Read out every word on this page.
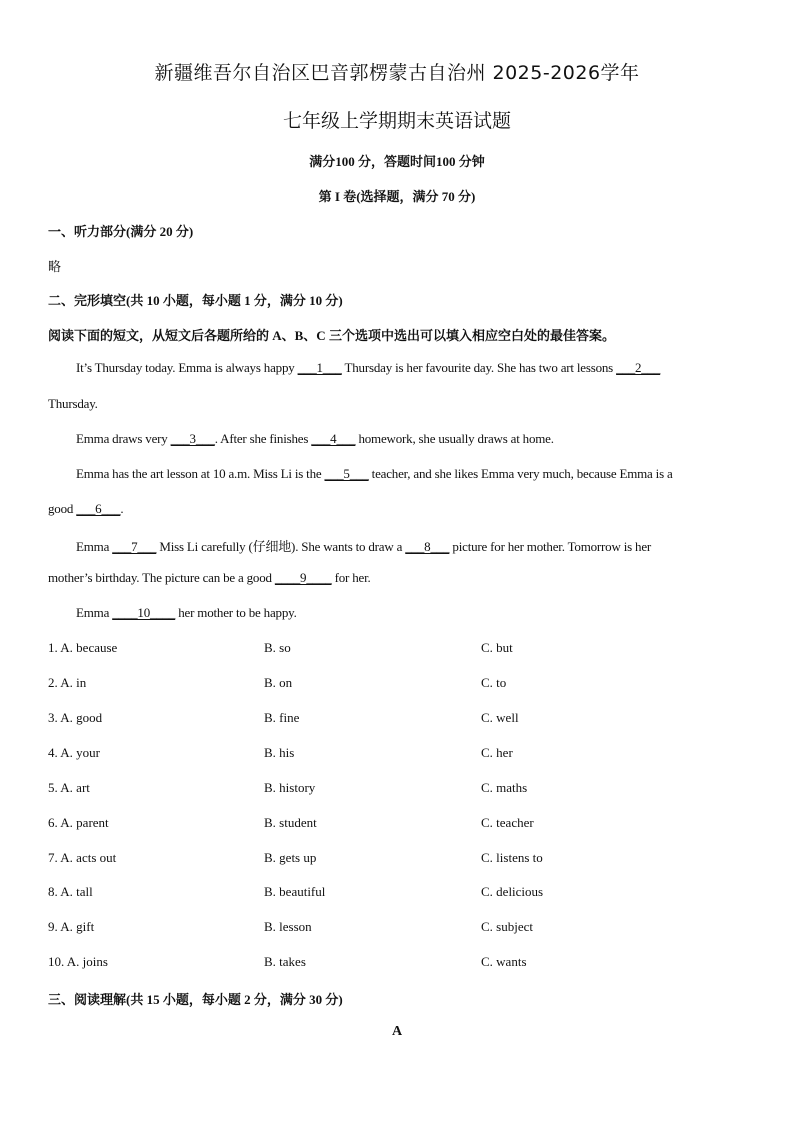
新疆维吾尔自治区巴音郭楞蒙古自治州 2025-2026学年
七年级上学期期末英语试题
满分100 分，答题时间100 分钟
第 I 卷(选择题，满分 70 分)
一、听力部分(满分 20 分)
略
二、完形填空(共 10 小题，每小题 1 分，满分 10 分)
阅读下面的短文，从短文后各题所给的 A、B、C 三个选项中选出可以填入相应空白处的最佳答案。
It’s Thursday today. Emma is always happy ___1___ Thursday is her favourite day. She has two art lessons ___2___
Thursday.
Emma draws very ___3___. After she finishes ___4___ homework, she usually draws at home.
Emma has the art lesson at 10 a.m. Miss Li is the ___5___ teacher, and she likes Emma very much, because Emma is a
good ___6___.
Emma ___7___ Miss Li carefully (仔细地). She wants to draw a ___8___ picture for her mother. Tomorrow is her
mother’s birthday. The picture can be a good ____9____ for her.
Emma ____10____ her mother to be happy.
1. A. because	B. so	C. but
2. A. in	B. on	C. to
3. A. good	B. fine	C. well
4. A. your	B. his	C. her
5. A. art	B. history	C. maths
6. A. parent	B. student	C. teacher
7. A. acts out	B. gets up	C. listens to
8. A. tall	B. beautiful	C. delicious
9. A. gift	B. lesson	C. subject
10. A. joins	B. takes	C. wants
三、阅读理解(共 15 小题，每小题 2 分，满分 30 分)
A
